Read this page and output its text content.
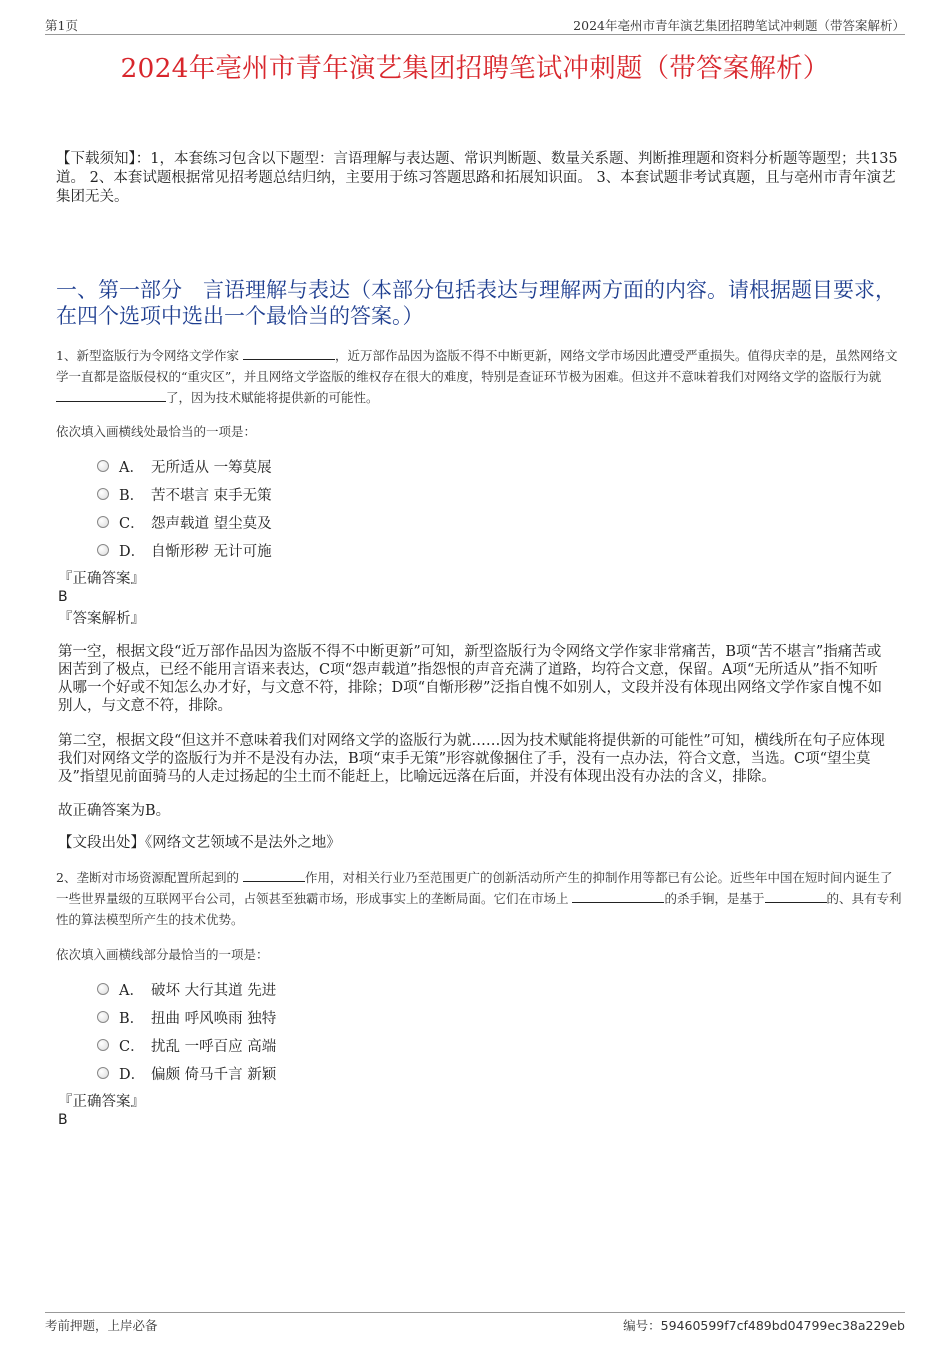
第1页	2024年亳州市青年演艺集团招聘笔试冲刺题（带答案解析）
2024年亳州市青年演艺集团招聘笔试冲刺题（带答案解析）
【下载须知】：1，本套练习包含以下题型：言语理解与表达题、常识判断题、数量关系题、判断推理题和资料分析题等题型；共135道。 2、本套试题根据常见招考题总结归纳，主要用于练习答题思路和拓展知识面。 3、本套试题非考试真题，且与亳州市青年演艺集团无关。
一、第一部分　言语理解与表达（本部分包括表达与理解两方面的内容。请根据题目要求，在四个选项中选出一个最恰当的答案。）
1、新型盗版行为令网络文学作家	，近万部作品因为盗版不得不中断更新，网络文学市场因此遭受严重损失。值得庆幸的是，虽然网络文学一直都是盗版侵权的“重灾区”，并且网络文学盗版的维权存在很大的难度，特别是查证环节极为困难。但这并不意味着我们对网络文学的盗版行为就 了，因为技术赋能将提供新的可能性。
依次填入画横线处最恰当的一项是：
A． 无所适从 一筹莫展
B． 苦不堪言 束手无策
C． 怨声载道 望尘莫及
D． 自惭形秽 无计可施
『正确答案』
B
『答案解析』
第一空，根据文段“近万部作品因为盗版不得不中断更新”可知，新型盗版行为令网络文学作家非常痛苦，B项“苦不堪言”指痛苦或困苦到了极点，已经不能用言语来表达，C项“怨声载道”指怨恨的声音充满了道路，均符合文意，保留。A项“无所适从”指不知听从哪一个好或不知怎么办才好，与文意不符，排除；D项“自惭形秽”泛指自愧不如别人，文段并没有体现出网络文学作家自愧不如别人，与文意不符，排除。
第二空，根据文段“但这并不意味着我们对网络文学的盗版行为就……因为技术赋能将提供新的可能性”可知，横线所在句子应体现我们对网络文学的盗版行为并不是没有办法，B项“束手无策”形容就像捆住了手，没有一点办法，符合文意，当选。C项“望尘莫及”指望见前面骑马的人走过扬起的尘土而不能赶上，比喻远远落在后面，并没有体现出没有办法的含义，排除。
故正确答案为B。
【文段出处】《网络文艺领域不是法外之地》
2、垄断对市场资源配置所起到的	作用，对相关行业乃至范围更广的创新活动所产生的抑制作用等都已有公论。近些年中国在短时间内诞生了一些世界量级的互联网平台公司，占领甚至独霸市场，形成事实上的垄断局面。它们在市场上	的杀手锏，是基于	的、具有专利性的算法模型所产生的技术优势。
依次填入画横线部分最恰当的一项是：
A． 破坏 大行其道 先进
B． 扭曲 呼风唤雨 独特
C． 扰乱 一呼百应 高端
D． 偏颇 倚马千言 新颖
『正确答案』
B
考前押题，上岸必备	编号：59460599f7cf489bd04799ec38a229eb
